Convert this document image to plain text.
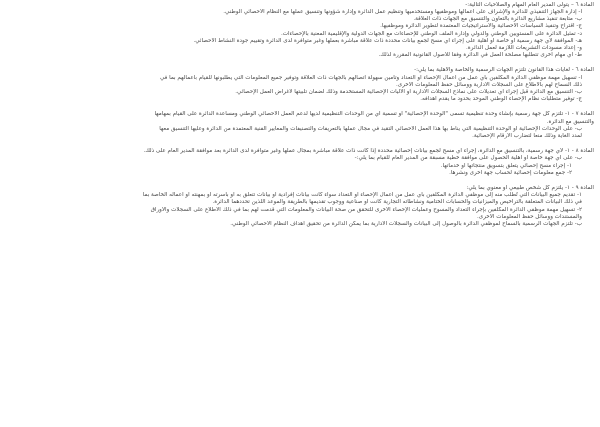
المادة ٦ – يتولى المدير العام المهام والصلاحيات التالية:-
أ- إدارة الجهاز التنفيذي للدائرة والإشراف على أعمالها وموظفيها ومستخدميها وتنظيم عمل الدائرة وإدارة شؤونها وتنسيق عملها مع النظام الاحصائي الوطني.
ب- متابعة تنفيذ مشاريع الدائرة بالتعاون والتنسيق مع الجهات ذات العلاقة.
ج- اقتراح وتنفيذ السياسات الاحصائية والاستراتيجيات المعتمدة لتطوير الدائرة وموظفيها.
د- تمثيل الدائرة على المستويين الوطني والدولي وإدارة الملف الوطني للإحصاءات مع الجهات الدولية والإقليمية المعنية بالإحصاءات.
هـ- الموافقة لأي جهة رسمية أو خاصة أو أهلية على إجراء أي مسح لجمع بيانات محددة ذات علاقة مباشرة بعملها وغير متوافرة لدى الدائرة وتقييم جودة النشاط الاحصائي.
و- إعداد مسودات التشريعات اللازمة لعمل الدائرة.
ط- أي مهام أخرى تتطلبها مصلحة العمل في الدائرة وفقاً للأصول القانونية المقررة لذلك.
المادة ٦ - لغايات هذا القانون تلتزم الجهات الرسمية والخاصة والأهلية بما يلي:-
أ- تسهيل مهمة موظفي الدائرة المكلفين بأي عمل من أعمال الإحصاء أو التعداد وتأمين سهولة اتصالهم بالجهات ذات العلاقة وتوفير جميع المعلومات التي يطلبونها للقيام بأعمالهم بما في
ذلك السماح لهم بالاطلاع على السجلات الادارية ووسائل حفظ المعلومات الأخرى.
ب- التنسيق مع الدائرة قبل إجراء أي تعديلات على نماذج السجلات الادارية أو الأليات الإحصائية المستخدمة وذلك لضمان تلبيتها لأغراض العمل الإحصائي.
ج- توفير متطلبات نظام الإحصاء الوطني الموحد بحدود ما يقدم أهدافه.
المادة ٧ - ١- تلتزم كل جهة رسمية بإنشاء وحدة تنظيمية تسمى "الوحدة الإحصائية" أو تسمية أي من الوحدات التنظيمية لديها لدعم العمل الاحصائي الوطني ومساعدة الدائرة على القيام بمهامها
والتنسيق مع الدائرة.
ب- على الوحدات الإحصائية أو الوحدة التنظيمية التي يناط بها هذا العمل الاحصائي التقيد في مجال عملها بالتعريفات والتصنيفات والمعايير الفنية المعتمدة من الدائرة وعليها التنسيق معها
لمدد الغاية وذلك منعاً لتضارب الأرقام الإحصائية.
المادة ٨ - ١- لأي جهة رسمية، بالتنسيق مع الدائرة، إجراء أي مسح لجمع بيانات إحصائية محددة إذا كانت ذات علاقة مباشرة بمجال عملها وغير متوافرة لدى الدائرة بعد موافقة المدير العام على ذلك.
ب- على أي جهة خاصة أو أهلية الحصول على موافقة خطية مسبقة من المدير العام للقيام بما يلي:-
١- إجراء مسح إحصائي يتعلق بتسويق منتجاتها أو خدماتها.
٢- جمع معلومات إحصائية لحساب جهة أخرى ونشرها.
المادة ٩ - ١- يلتزم كل شخص طبيعي أو معنوي بما يلي:
١- تقديم جميع البيانات التي تُطلب منه إلى موظفي الدائرة المكلفين بأي عمل من أعمال الإحصاء أو التعداد سواء كانت بيانات إفرادية أو بيانات تتعلق به أو بأسرته أو بمهنته أو أعماله الخاصة بما
في ذلك البيانات المتعلقة بالتراخيص والميزانيات والحسابات الختامية ونشاطاته التجارية كانت أو صناعية ووجوب تقديمها بالطريقة والموعد اللذين تحددهما الدائرة.
٢- تسهيل مهمة موظفي الدائرة المكلفين بإجراء التعداد والمسوح وعمليات الإحصاء الأخرى للتحقق من صحة البيانات والمعلومات التي قدمت لهم بما في ذلك الاطلاع على السجلات والأوراق
والمستندات ووسائل حفظ المعلومات الأخرى.
ب- تلتزم الجهات الرسمية بالسماح لموظفي الدائرة بالوصول إلى البيانات والسجلات الادارية بما يمكن الدائرة من تحقيق أهداف النظام الاحصائي الوطني.
